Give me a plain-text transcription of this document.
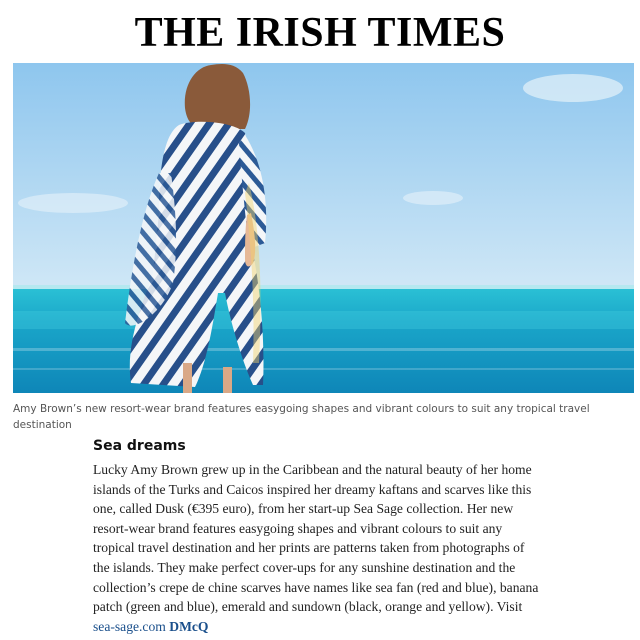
THE IRISH TIMES
Amy Brown’s new resort-wear brand features easygoing shapes and vibrant colours to suit any tropical travel destination
Sea dreams

Lucky Amy Brown grew up in the Caribbean and the natural beauty of her home islands of the Turks and Caicos inspired her dreamy kaftans and scarves like this one, called Dusk (€395 euro), from her start-up Sea Sage collection. Her new resort-wear brand features easygoing shapes and vibrant colours to suit any tropical travel destination and her prints are patterns taken from photographs of the islands. They make perfect cover-ups for any sunshine destination and the collection’s crepe de chine scarves have names like sea fan (red and blue), banana patch (green and blue), emerald and sundown (black, orange and yellow). Visit sea-sage.com DMcQ
